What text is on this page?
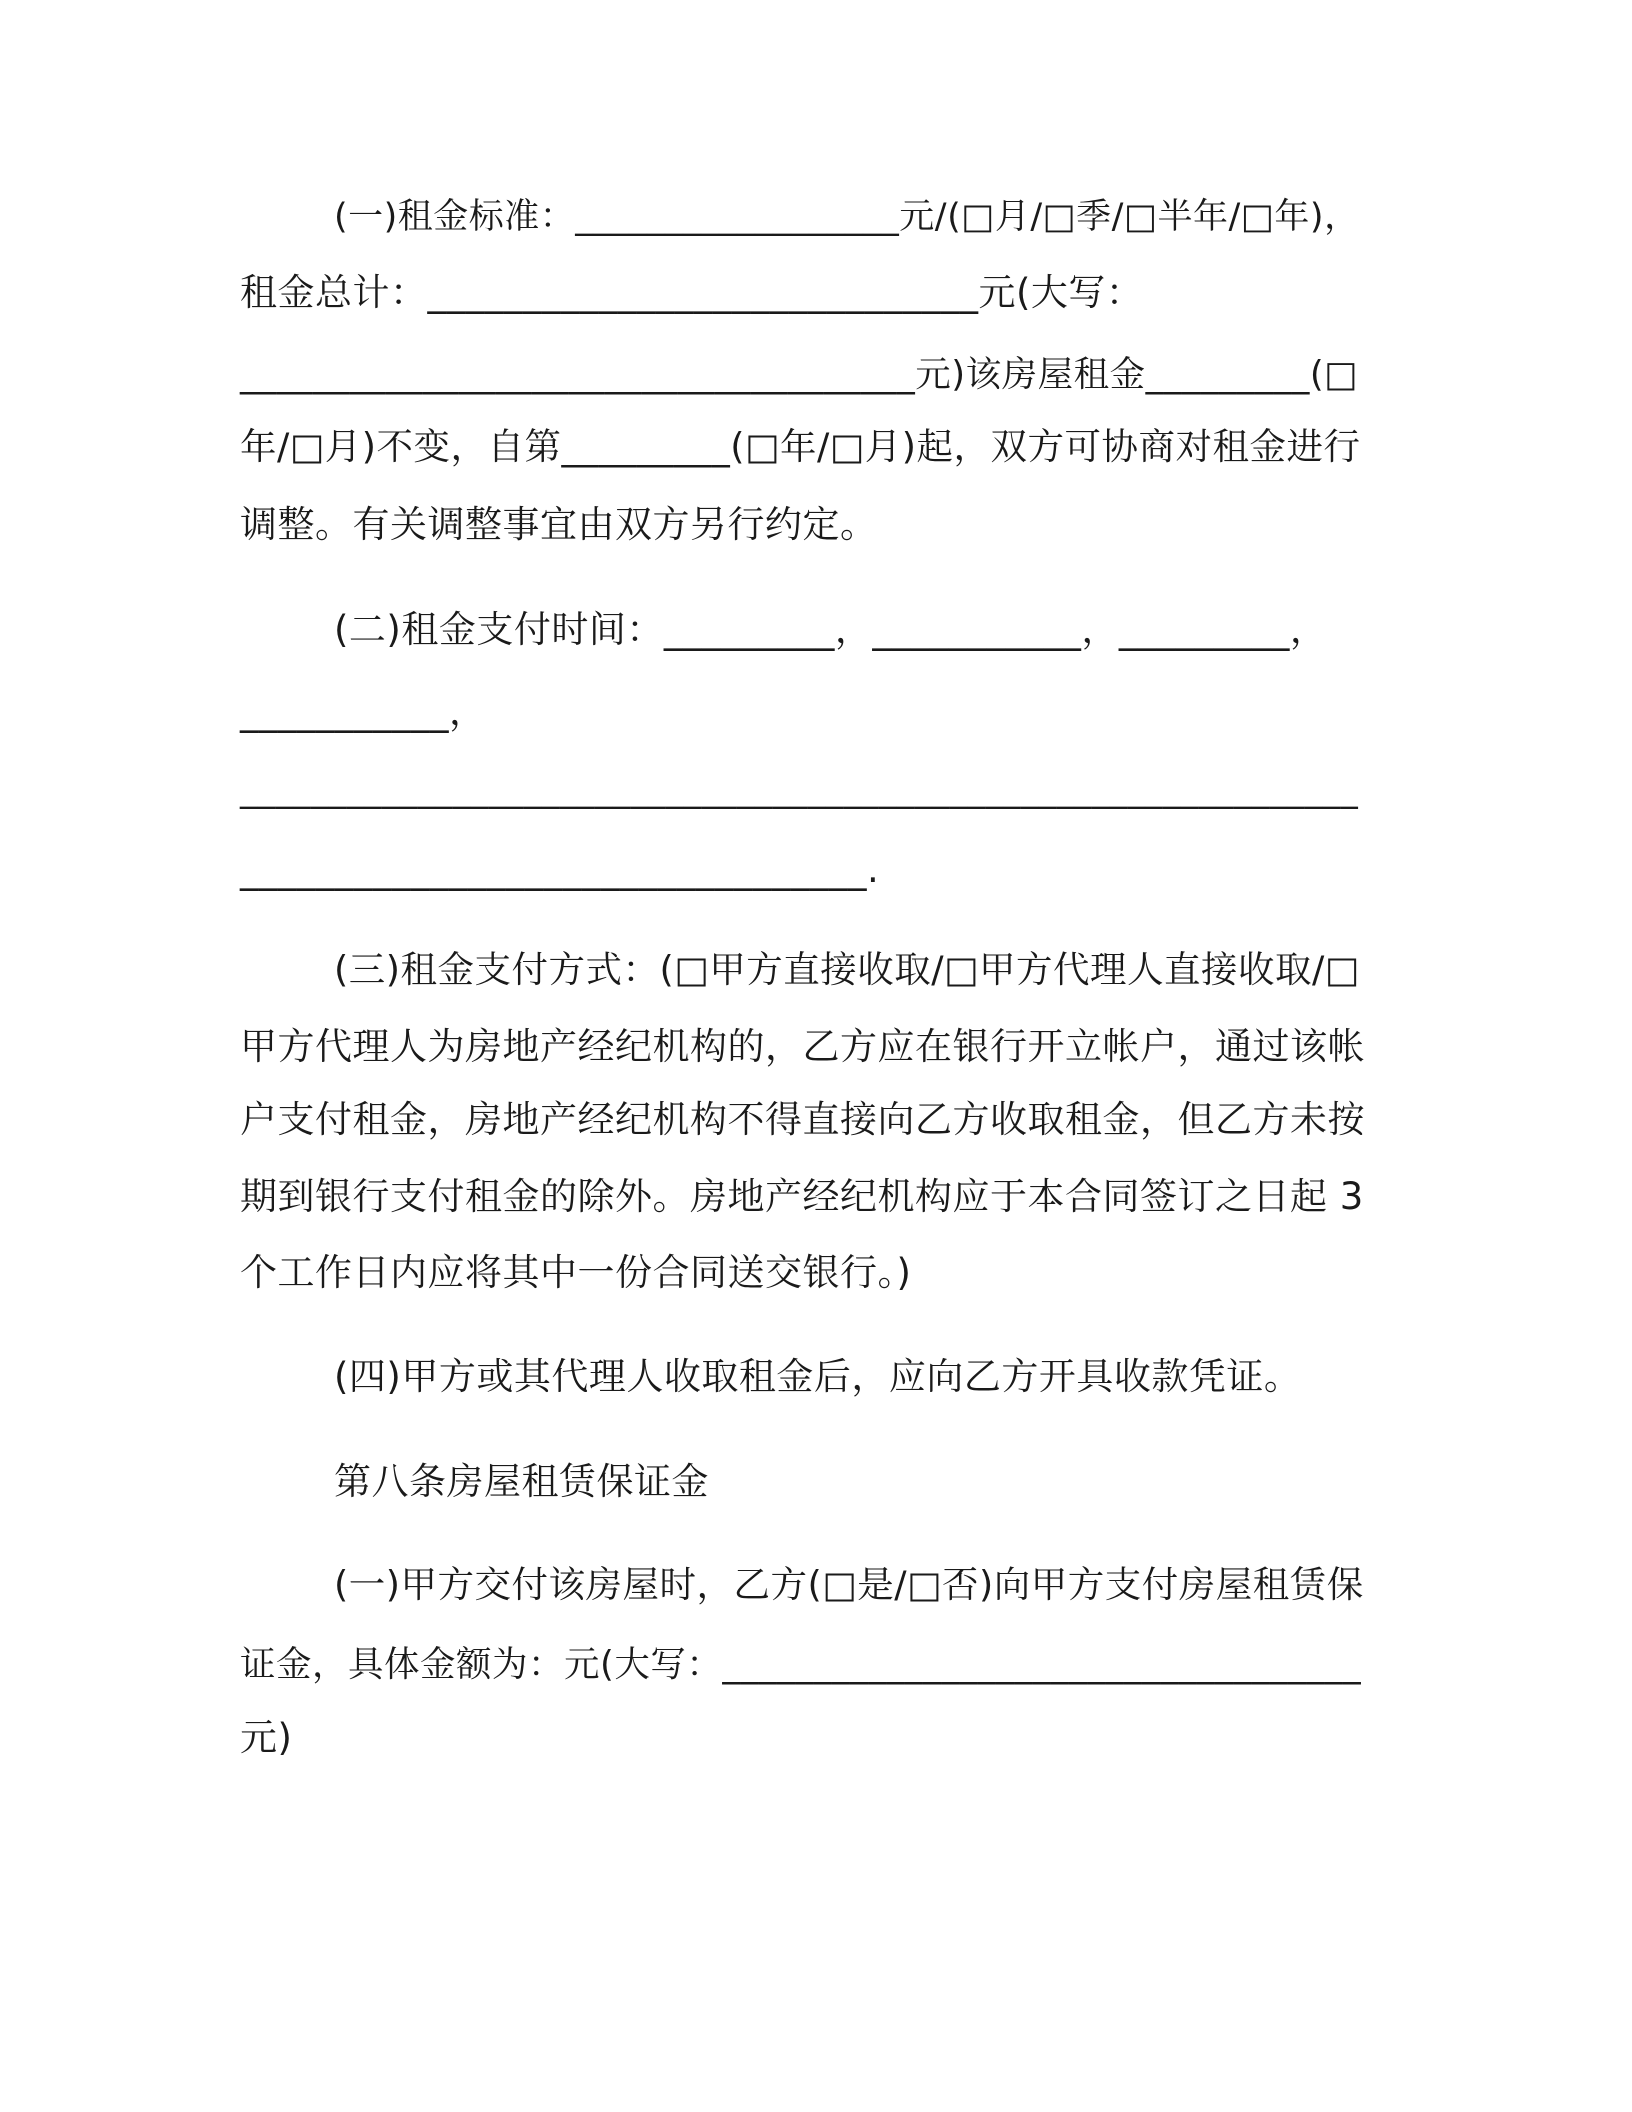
(一)租金标准：__________________元/(□月/□季/□半年/□年)，

租金总计：_____________________________元(大写：

_____________________________________元)该房屋租金_________(□

年/□月)不变，自第_________(□年/□月)起，双方可协商对租金进行

调整。有关调整事宜由双方另行约定。

(二)租金支付时间：_________，___________，_________，

___________，

_______________________________________________________________

_________________________________.

(三)租金支付方式：(□甲方直接收取/□甲方代理人直接收取/□

甲方代理人为房地产经纪机构的，乙方应在银行开立帐户，通过该帐

户支付租金，房地产经纪机构不得直接向乙方收取租金，但乙方未按

期到银行支付租金的除外。房地产经纪机构应于本合同签订之日起 3

个工作日内应将其中一份合同送交银行。)

(四)甲方或其代理人收取租金后，应向乙方开具收款凭证。

第八条房屋租赁保证金

(一)甲方交付该房屋时，乙方(□是/□否)向甲方支付房屋租赁保

证金，具体金额为：元(大写：___________________________________

元)
